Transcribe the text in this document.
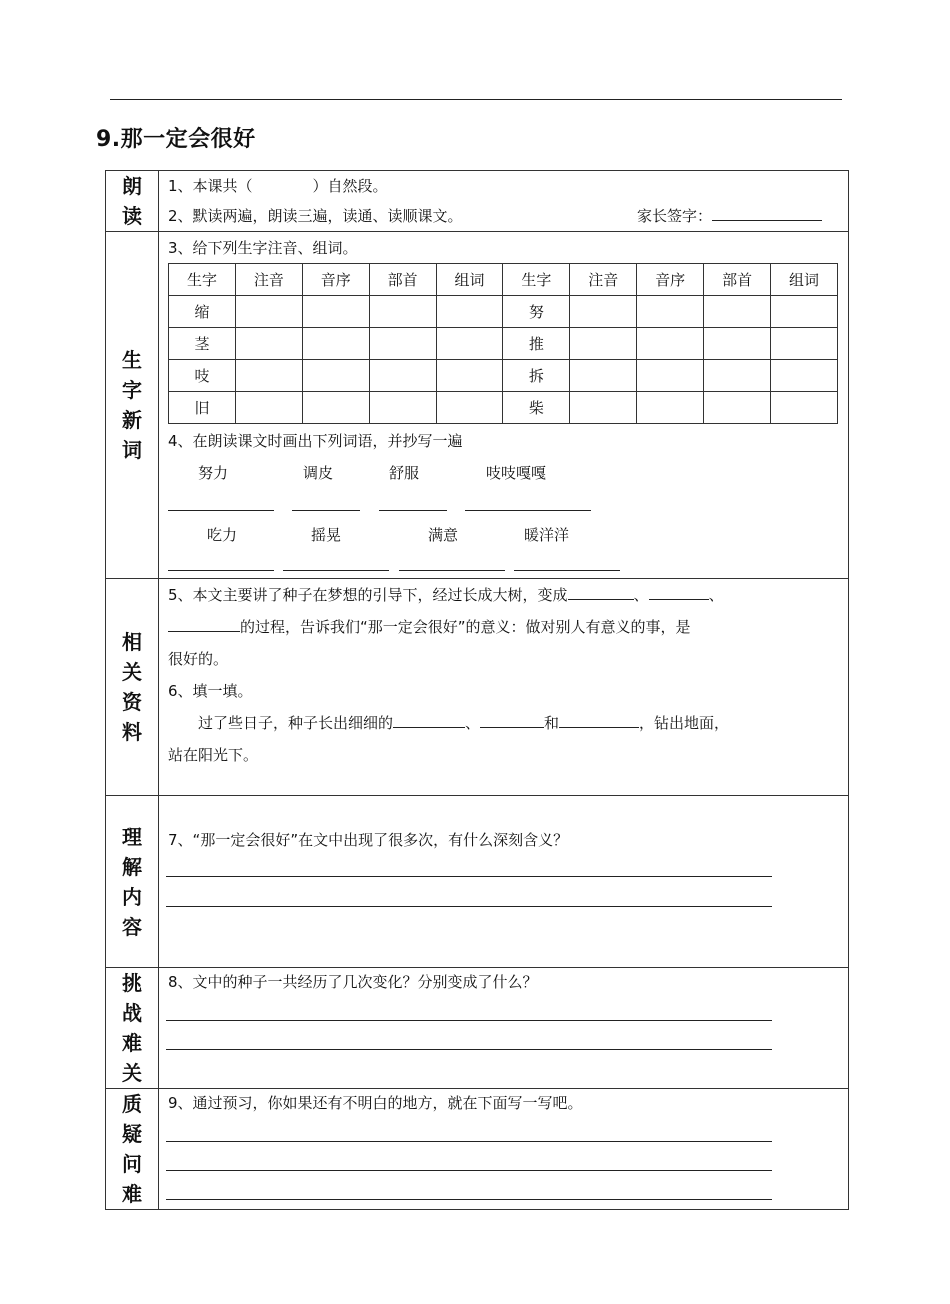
9.那一定会很好
朗
读

1、本课共（	）自然段。
2、默读两遍，朗读三遍，读通、读顺课文。	家长签字：

生
字
新
词

3、给下列生字注音、组词。
生字	注音	音序	部首	组词	生字	注音	音序	部首	组词
缩					努				
茎					推				
吱					拆				
旧					柴				
4、在朗读课文时画出下列词语，并抄写一遍
努力	调皮	舒服	吱吱嘎嘎
吃力	摇晃	满意	暖洋洋

相
关
资
料

5、本文主要讲了种子在梦想的引导下，经过长成大树，变成	、	、
的过程，告诉我们“那一定会很好”的意义：做对别人有意义的事，是
很好的。
6、填一填。
过了些日子，种子长出细细的	、	和	，钻出地面，
站在阳光下。

理
解
内
容

7、“那一定会很好”在文中出现了很多次，有什么深刻含义？

挑
战
难
关

8、文中的种子一共经历了几次变化？分别变成了什么？

质
疑
问
难

9、通过预习，你如果还有不明白的地方，就在下面写一写吧。
